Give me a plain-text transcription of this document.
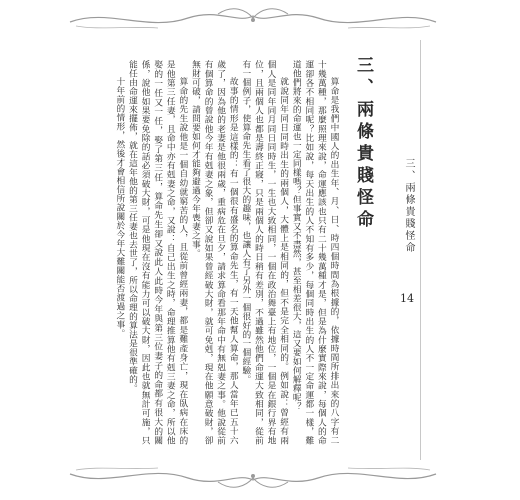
三、兩條貴賤怪命
14
三、兩條貴賤怪命

算命是我們中國人的出生年、月、日、時四個時間為根據的，依據時間所排出來的八字有二十幾萬種，那麼照理來說，命運應該也只有二十幾萬種才是，但是為什麼實際來說，每個人的命運卻各不相同呢？比如說，每天出生的人不知有多少，每個同時出生的人不一定命運都一樣，難道他們將來的命運也一定同樣嗎？但事實又不盡然，甚至相差很大，這又要如何解釋呢？

就說同年同日同時出生的兩個人，大體上是相同的，但不是完全相同的。例如說：曾經有兩個人是同年同月同日同時生，一生也大致相同，一個在政治舞臺上有地位，一個是在銀行界有地位，且兩個人也都是壽終正寢，只是兩個人的時日稍有差別，不過雖然他們命運大致相同，從前有一個例子，使算命先生看了很大的趣味，也讓人有了另外一個很好的一個經驗。

故事的情形是這樣的：有一個很有盛名的算命先生，有一天他幫人算命，那人當年已五十六歲了，因為他的老妻是他很兩歲，重病危在旦夕，請求算命看那年命中有無剋妻之事。他說從前有個算命的曾說他今年有剋妻之象，但卻又說如果曾經破大財，就可免剋，現在他願意破財，卻無財可破，請問要如何才能夠避過今年喪妻之事。

算命的先生說他是一個自幼就窮苦的人，且從前曾經兩妻，都是難產身亡，現在臥病在床的是他第三任妻，且命中亦有剋妻之命，又說：自己出生之時，命理推算他有剋三妻之命，所以他娶的一任又一任，娶了第三任，算命先生卻又說此人此時今年與第三位妻子的命都有很大的關係，說他如果要免除的話必須破大財，可是他現在沒有能力可以破大財，因此也就無計可施，只能任由命運來擺佈，就在這年他的第三任妻也去世了，所以命理的算法是很準確的。

十年前的情形，然後才會相信所說關於今年大難關能否渡過之事。
